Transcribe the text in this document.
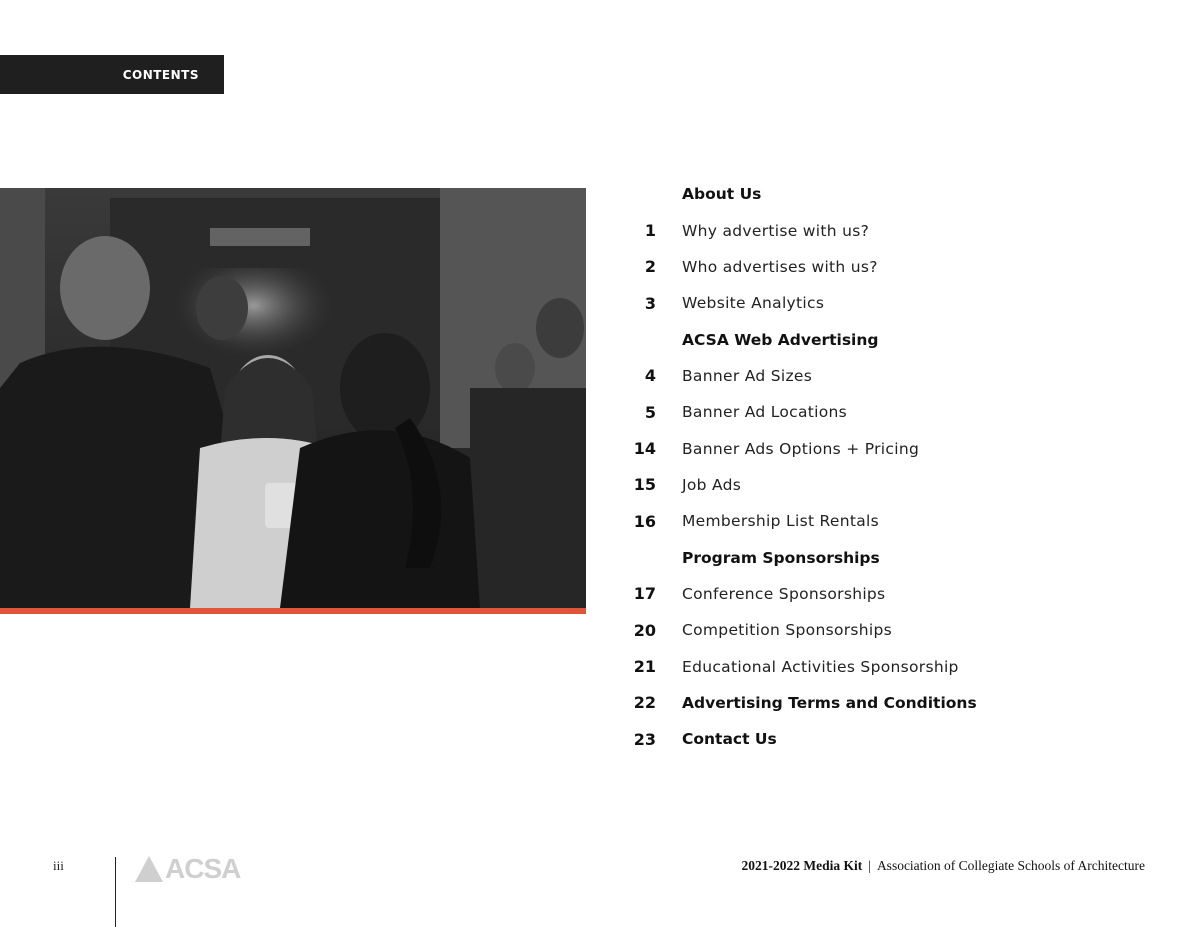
CONTENTS
About Us
1 Why advertise with us?
2 Who advertises with us?
3 Website Analytics
ACSA Web Advertising
4 Banner Ad Sizes
5 Banner Ad Locations
14 Banner Ads Options + Pricing
15 Job Ads
16 Membership List Rentals
Program Sponsorships
17 Conference Sponsorships
20 Competition Sponsorships
21 Educational Activities Sponsorship
22 Advertising Terms and Conditions
23 Contact Us
iii	ACSA	2021-2022 Media Kit | Association of Collegiate Schools of Architecture
